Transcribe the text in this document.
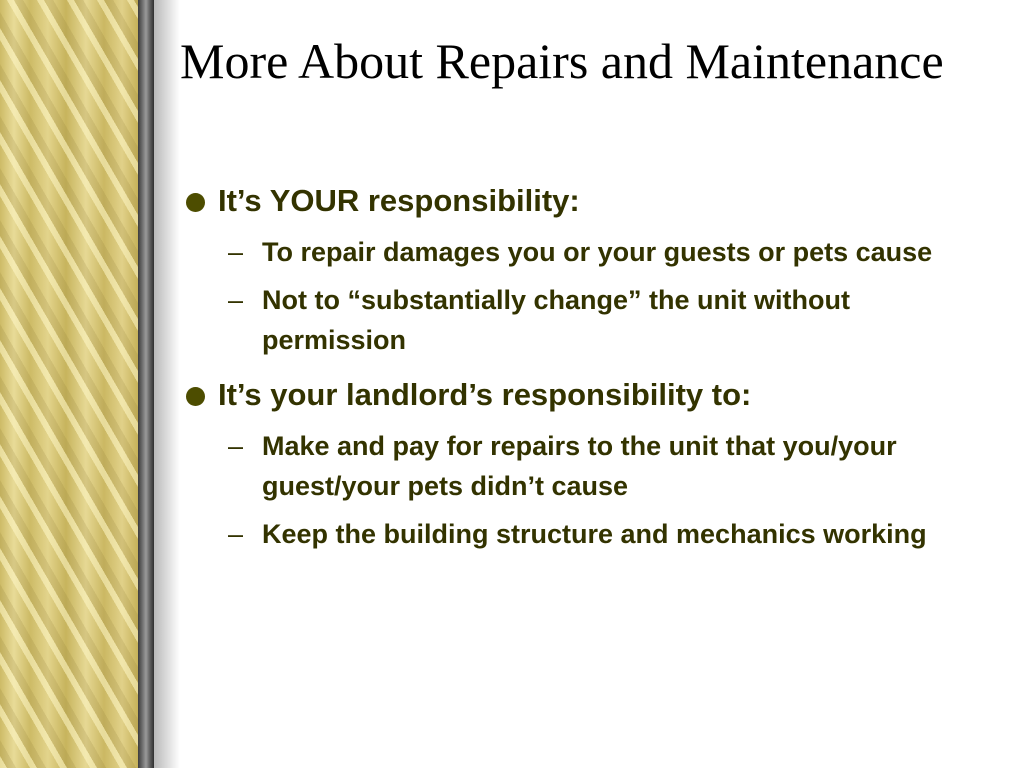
More About Repairs and Maintenance
It’s YOUR responsibility:
– To repair damages you or your guests or pets cause
– Not to “substantially change” the unit without permission
It’s your landlord’s responsibility to:
– Make and pay for repairs to the unit that you/your guest/your pets didn’t cause
– Keep the building structure and mechanics working
